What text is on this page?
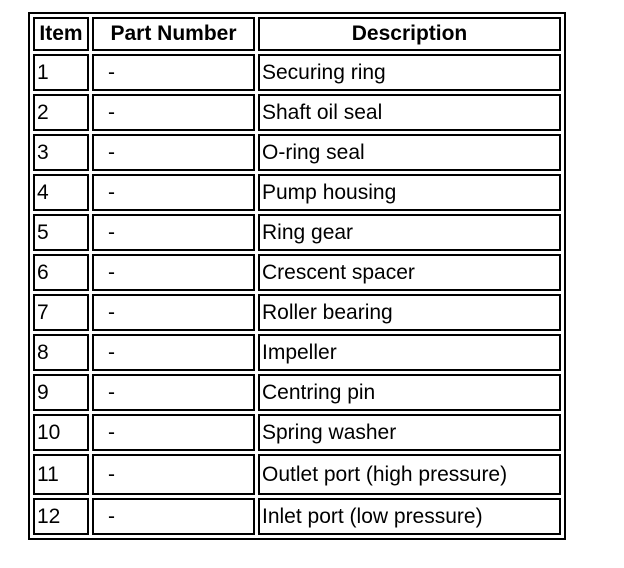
Item	Part Number	Description
1	-	Securing ring
2	-	Shaft oil seal
3	-	O-ring seal
4	-	Pump housing
5	-	Ring gear
6	-	Crescent spacer
7	-	Roller bearing
8	-	Impeller
9	-	Centring pin
10	-	Spring washer
11	-	Outlet port (high pressure)
12	-	Inlet port (low pressure)
